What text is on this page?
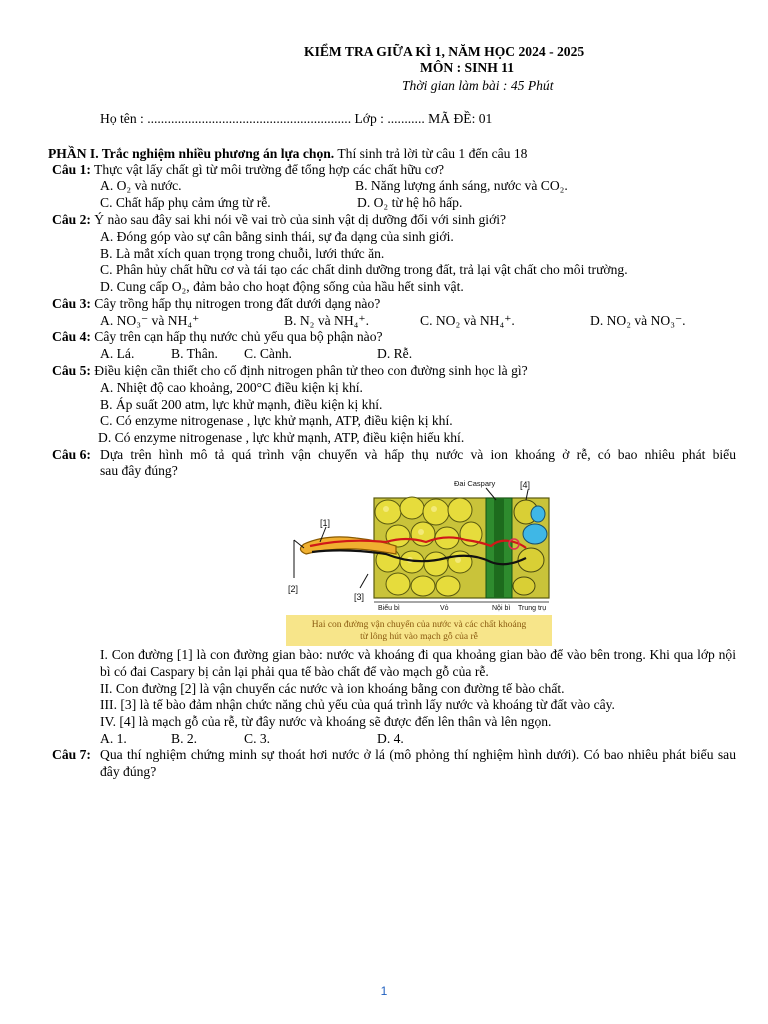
KIỂM TRA GIỮA KÌ 1, NĂM HỌC 2024 - 2025
MÔN : SINH 11
Thời gian làm bài : 45 Phút
Họ tên : ............................................................ Lớp : ........... MÃ ĐỀ: 01
PHẦN I. Trắc nghiệm nhiều phương án lựa chọn. Thí sinh trả lời từ câu 1 đến câu 18
Câu 1: Thực vật lấy chất gì từ môi trường để tổng hợp các chất hữu cơ?
A. O₂ và nước.	B. Năng lượng ánh sáng, nước và CO₂.
C. Chất hấp phụ cảm ứng từ rễ.	D. O₂ từ hệ hô hấp.
Câu 2: Ý nào sau đây sai khi nói về vai trò của sinh vật dị dưỡng đối với sinh giới?
A. Đóng góp vào sự cân bằng sinh thái, sự đa dạng của sinh giới.
B. Là mắt xích quan trọng trong chuỗi, lưới thức ăn.
C. Phân hủy chất hữu cơ và tái tạo các chất dinh dưỡng trong đất, trả lại vật chất cho môi trường.
D. Cung cấp O₂, đảm bảo cho hoạt động sống của hầu hết sinh vật.
Câu 3: Cây trồng hấp thụ nitrogen trong đất dưới dạng nào?
A. NO₃⁻ và NH₄⁺	B. N₂ và NH₄⁺.	C. NO₂ và NH₄⁺.	D. NO₂ và NO₃⁻.
Câu 4: Cây trên cạn hấp thụ nước chủ yếu qua bộ phận nào?
A. Lá.	B. Thân. C. Cành.	D. Rễ.
Câu 5: Điều kiện cần thiết cho cố định nitrogen phân tử theo con đường sinh học là gì?
A. Nhiệt độ cao khoảng, 200°C điều kiện kị khí.
B. Áp suất 200 atm, lực khử mạnh, điều kiện kị khí.
C. Có enzyme nitrogenase , lực khử mạnh, ATP, điều kiện kị khí.
D. Có enzyme nitrogenase , lực khử mạnh, ATP, điều kiện hiếu khí.
Câu 6: Dựa trên hình mô tả quá trình vận chuyển và hấp thụ nước và ion khoáng ở rễ, có bao nhiêu phát biểu
sau đây đúng?
Đai Caspary	[4]
[1]
[2]
[3]
Biểu bì	Vỏ	Nội bì Trung trụ
Hai con đường vận chuyển của nước và các chất khoáng
từ lông hút vào mạch gỗ của rễ
I. Con đường [1] là con đường gian bào: nước và khoáng đi qua khoảng gian bào để vào bên trong. Khi qua lớp nội bì có đai Caspary bị cản lại phải qua tế bào chất để vào mạch gỗ của rễ.
II. Con đường [2] là vận chuyển các nước và ion khoáng bằng con đường tế bào chất.
III. [3] là tế bào đảm nhận chức năng chủ yếu của quá trình lấy nước và khoáng từ đất vào cây.
IV. [4] là mạch gỗ của rễ, từ đây nước và khoáng sẽ được đến lên thân và lên ngọn.
A. 1.	B. 2.	C. 3.	D. 4.
Câu 7: Qua thí nghiệm chứng minh sự thoát hơi nước ở lá (mô phỏng thí nghiệm hình dưới). Có bao nhiêu phát biểu sau đây đúng?
1
